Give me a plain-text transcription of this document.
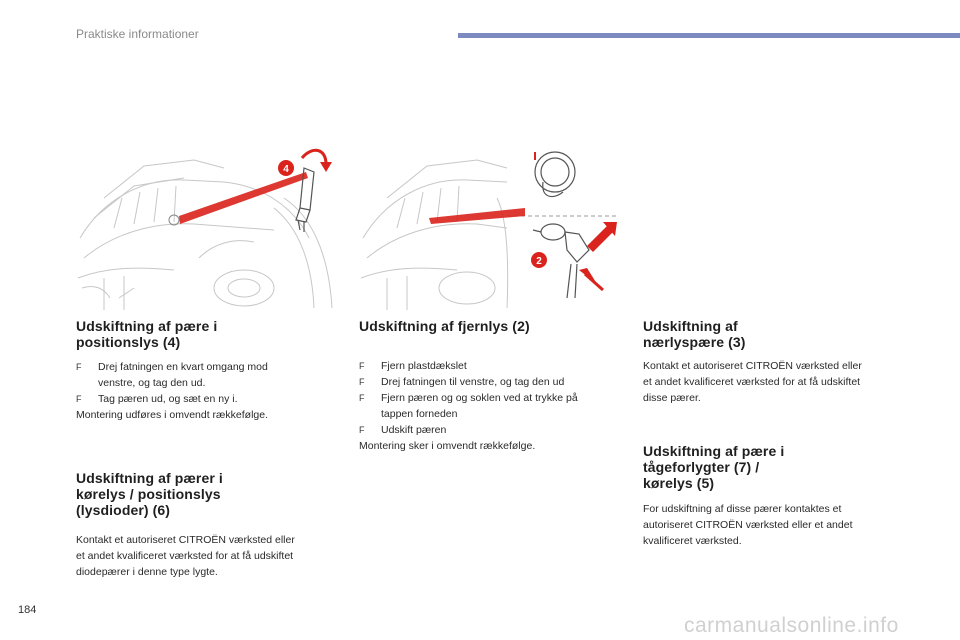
Praktiske informationer
4
2
Udskiftning af pære i
positionslys (4)
F Drej fatningen en kvart omgang mod
venstre, og tag den ud.
F Tag pæren ud, og sæt en ny i.

Montering udføres i omvendt rækkefølge.

Udskiftning af pærer i
kørelys / positionslys
(lysdioder) (6)

Kontakt et autoriseret CITROËN værksted eller

et andet kvalificeret værksted for at få udskiftet

diodepærer i denne type lygte.

Udskiftning af fjernlys (2)
F Fjern plastdækslet
F Drej fatningen til venstre, og tag den ud
F Fjern pæren og og soklen ved at trykke på
tappen forneden
F Udskift pæren

Montering sker i omvendt rækkefølge.

Udskiftning af
nærlyspære (3)

Kontakt et autoriseret CITROËN værksted eller

et andet kvalificeret værksted for at få udskiftet

disse pærer.

Udskiftning af pære i
tågeforlygter (7) /
kørelys (5)

For udskiftning af disse pærer kontaktes et

autoriseret CITROËN værksted eller et andet

kvalificeret værksted.

184
carmanualsonline.info
